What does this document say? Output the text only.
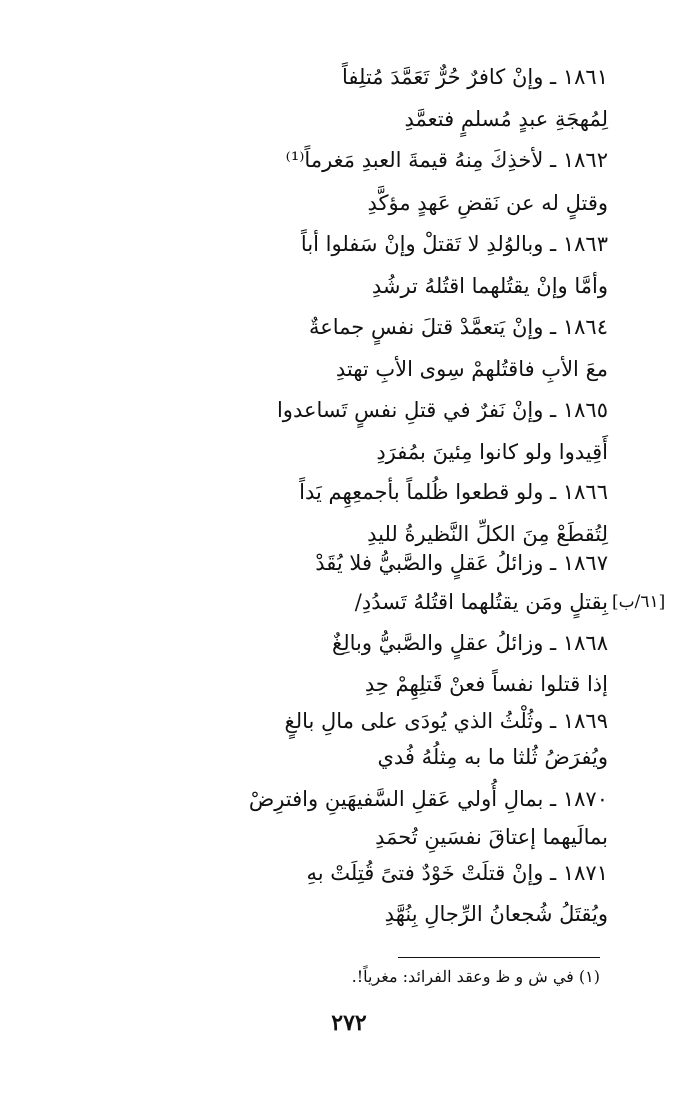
١٨٦١ ـ وإنْ كافرٌ حُرٌّ تَعَمَّدَ مُتلِفاً
لِمُهجَةِ عبدٍ مُسلمٍ فتعمَّدِ
١٨٦٢ ـ لأخذِكَ مِنهُ قيمةَ العبدِ مَغرماً⁽¹⁾
وقتلٍ له عن نَقضِ عَهدٍ مؤكَّدِ
١٨٦٣ ـ وبالوُلدِ لا تَقتلْ وإنْ سَفلوا أباً
وأمَّا وإنْ يقتُلهما اقتُلهُ ترشُدِ
١٨٦٤ ـ وإنْ يَتعمَّدْ قتلَ نفسٍ جماعةٌ
معَ الأبِ فاقتُلهمْ سِوى الأبِ تهتدِ
١٨٦٥ ـ وإنْ نَفرٌ في قتلِ نفسٍ تَساعدوا
أَقِيدوا ولو كانوا مِئينَ بمُفرَدِ
١٨٦٦ ـ ولو قطعوا ظُلماً بأجمعِهِم يَداً
لِتُقطَعْ مِنَ الكلِّ النَّظيرةُ لليدِ
١٨٦٧ ـ وزائلُ عَقلٍ والصَّبيُّ فلا يُقَدْ
بِقتلٍ ومَن يقتُلهما اقتُلهُ تَسدُدِ/
١٨٦٨ ـ وزائلُ عقلٍ والصَّبيُّ وبالِغٌ
إذا قتلوا نفساً فعنْ قَتلِهِمْ حِدِ
١٨٦٩ ـ وثُلْثُ الذي يُودَى على مالِ بالغٍ
ويُفرَضُ ثُلثا ما به مِثلُهُ فُدي
١٨٧٠ ـ بمالِ أُولي عَقلِ السَّفيهَينِ وافترِضْ
بمالَيهما إعتاقَ نفسَينِ تُحمَدِ
١٨٧١ ـ وإنْ قتلَتْ خَوْدٌ فتىً قُتِلَتْ بهِ
ويُقتَلُ شُجعانُ الرِّجالِ بِنُهَّدِ
[٦١/ب]
(١) في ش و ظ وعقد الفرائد: مغرياً!.
٢٧٢
